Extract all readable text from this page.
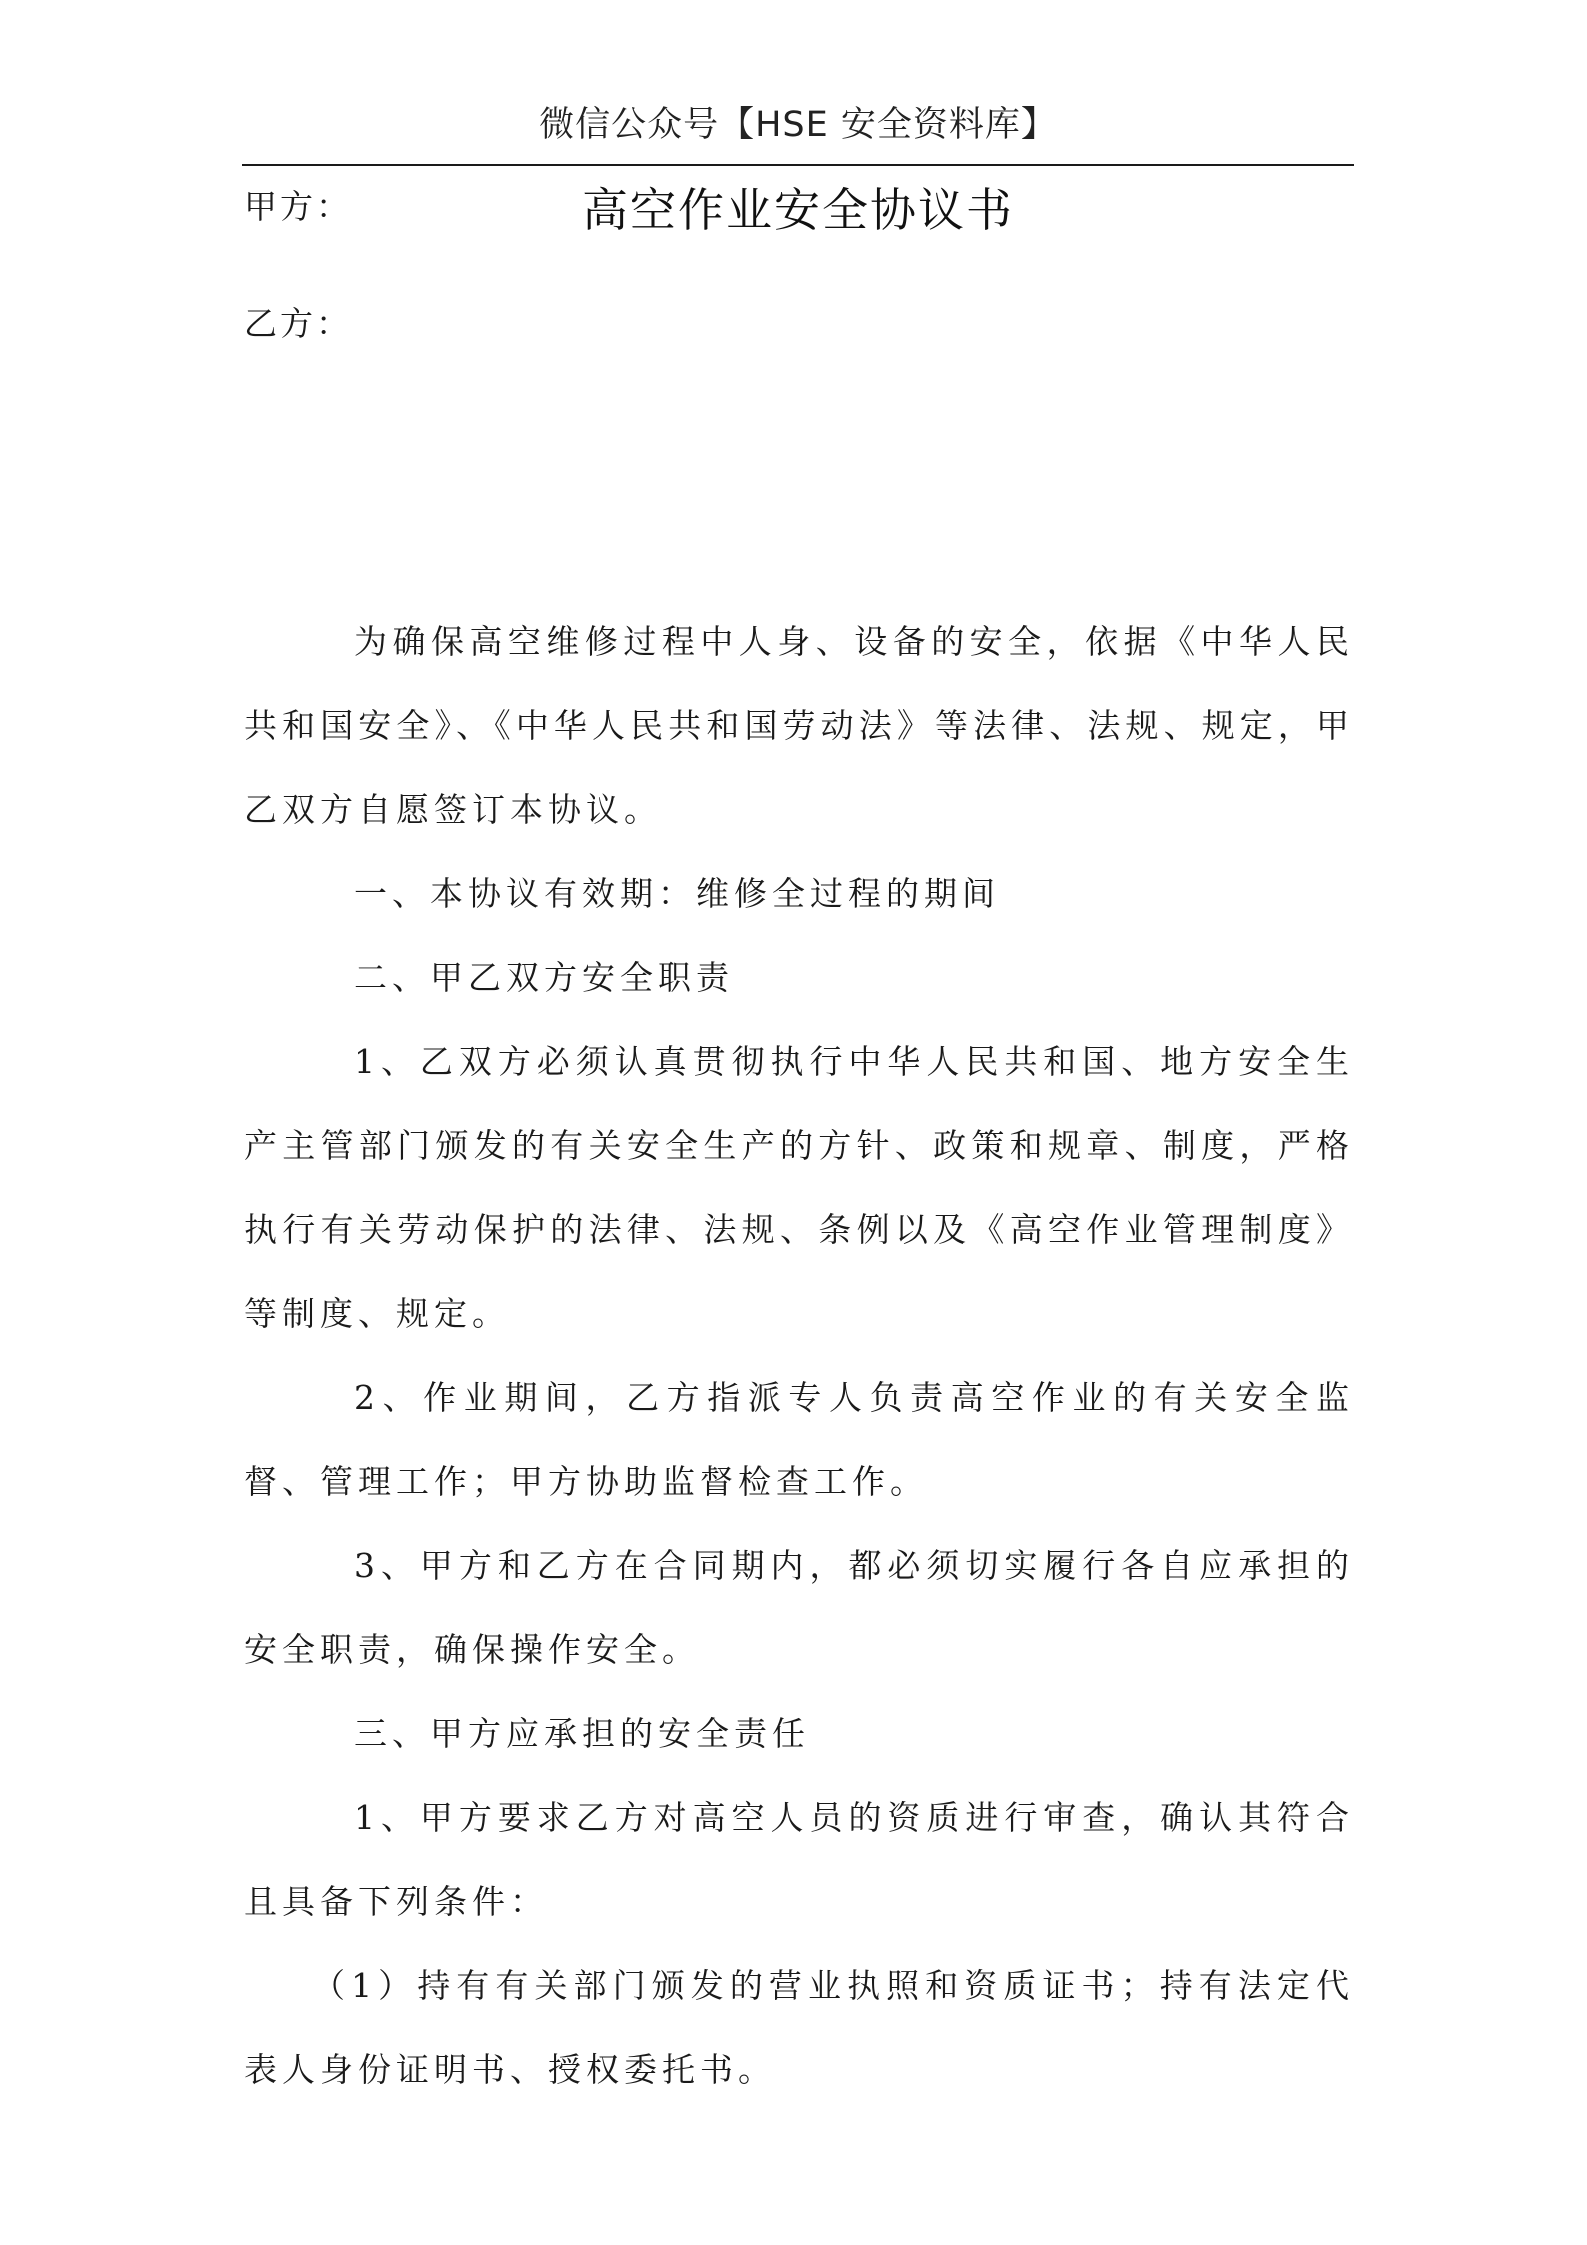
微信公众号【HSE 安全资料库】
高空作业安全协议书
甲方：
乙方：

为确保高空维修过程中人身、设备的安全，依据《中华人民共和国安全》、《中华人民共和国劳动法》等法律、法规、规定，甲乙双方自愿签订本协议。

一、本协议有效期：维修全过程的期间

二、甲乙双方安全职责

1、乙双方必须认真贯彻执行中华人民共和国、地方安全生产主管部门颁发的有关安全生产的方针、政策和规章、制度，严格执行有关劳动保护的法律、法规、条例以及《高空作业管理制度》等制度、规定。

2、作业期间，乙方指派专人负责高空作业的有关安全监督、管理工作；甲方协助监督检查工作。

3、甲方和乙方在合同期内，都必须切实履行各自应承担的安全职责，确保操作安全。

三、甲方应承担的安全责任

1、甲方要求乙方对高空人员的资质进行审查，确认其符合且具备下列条件：

（1）持有有关部门颁发的营业执照和资质证书；持有法定代表人身份证明书、授权委托书。
